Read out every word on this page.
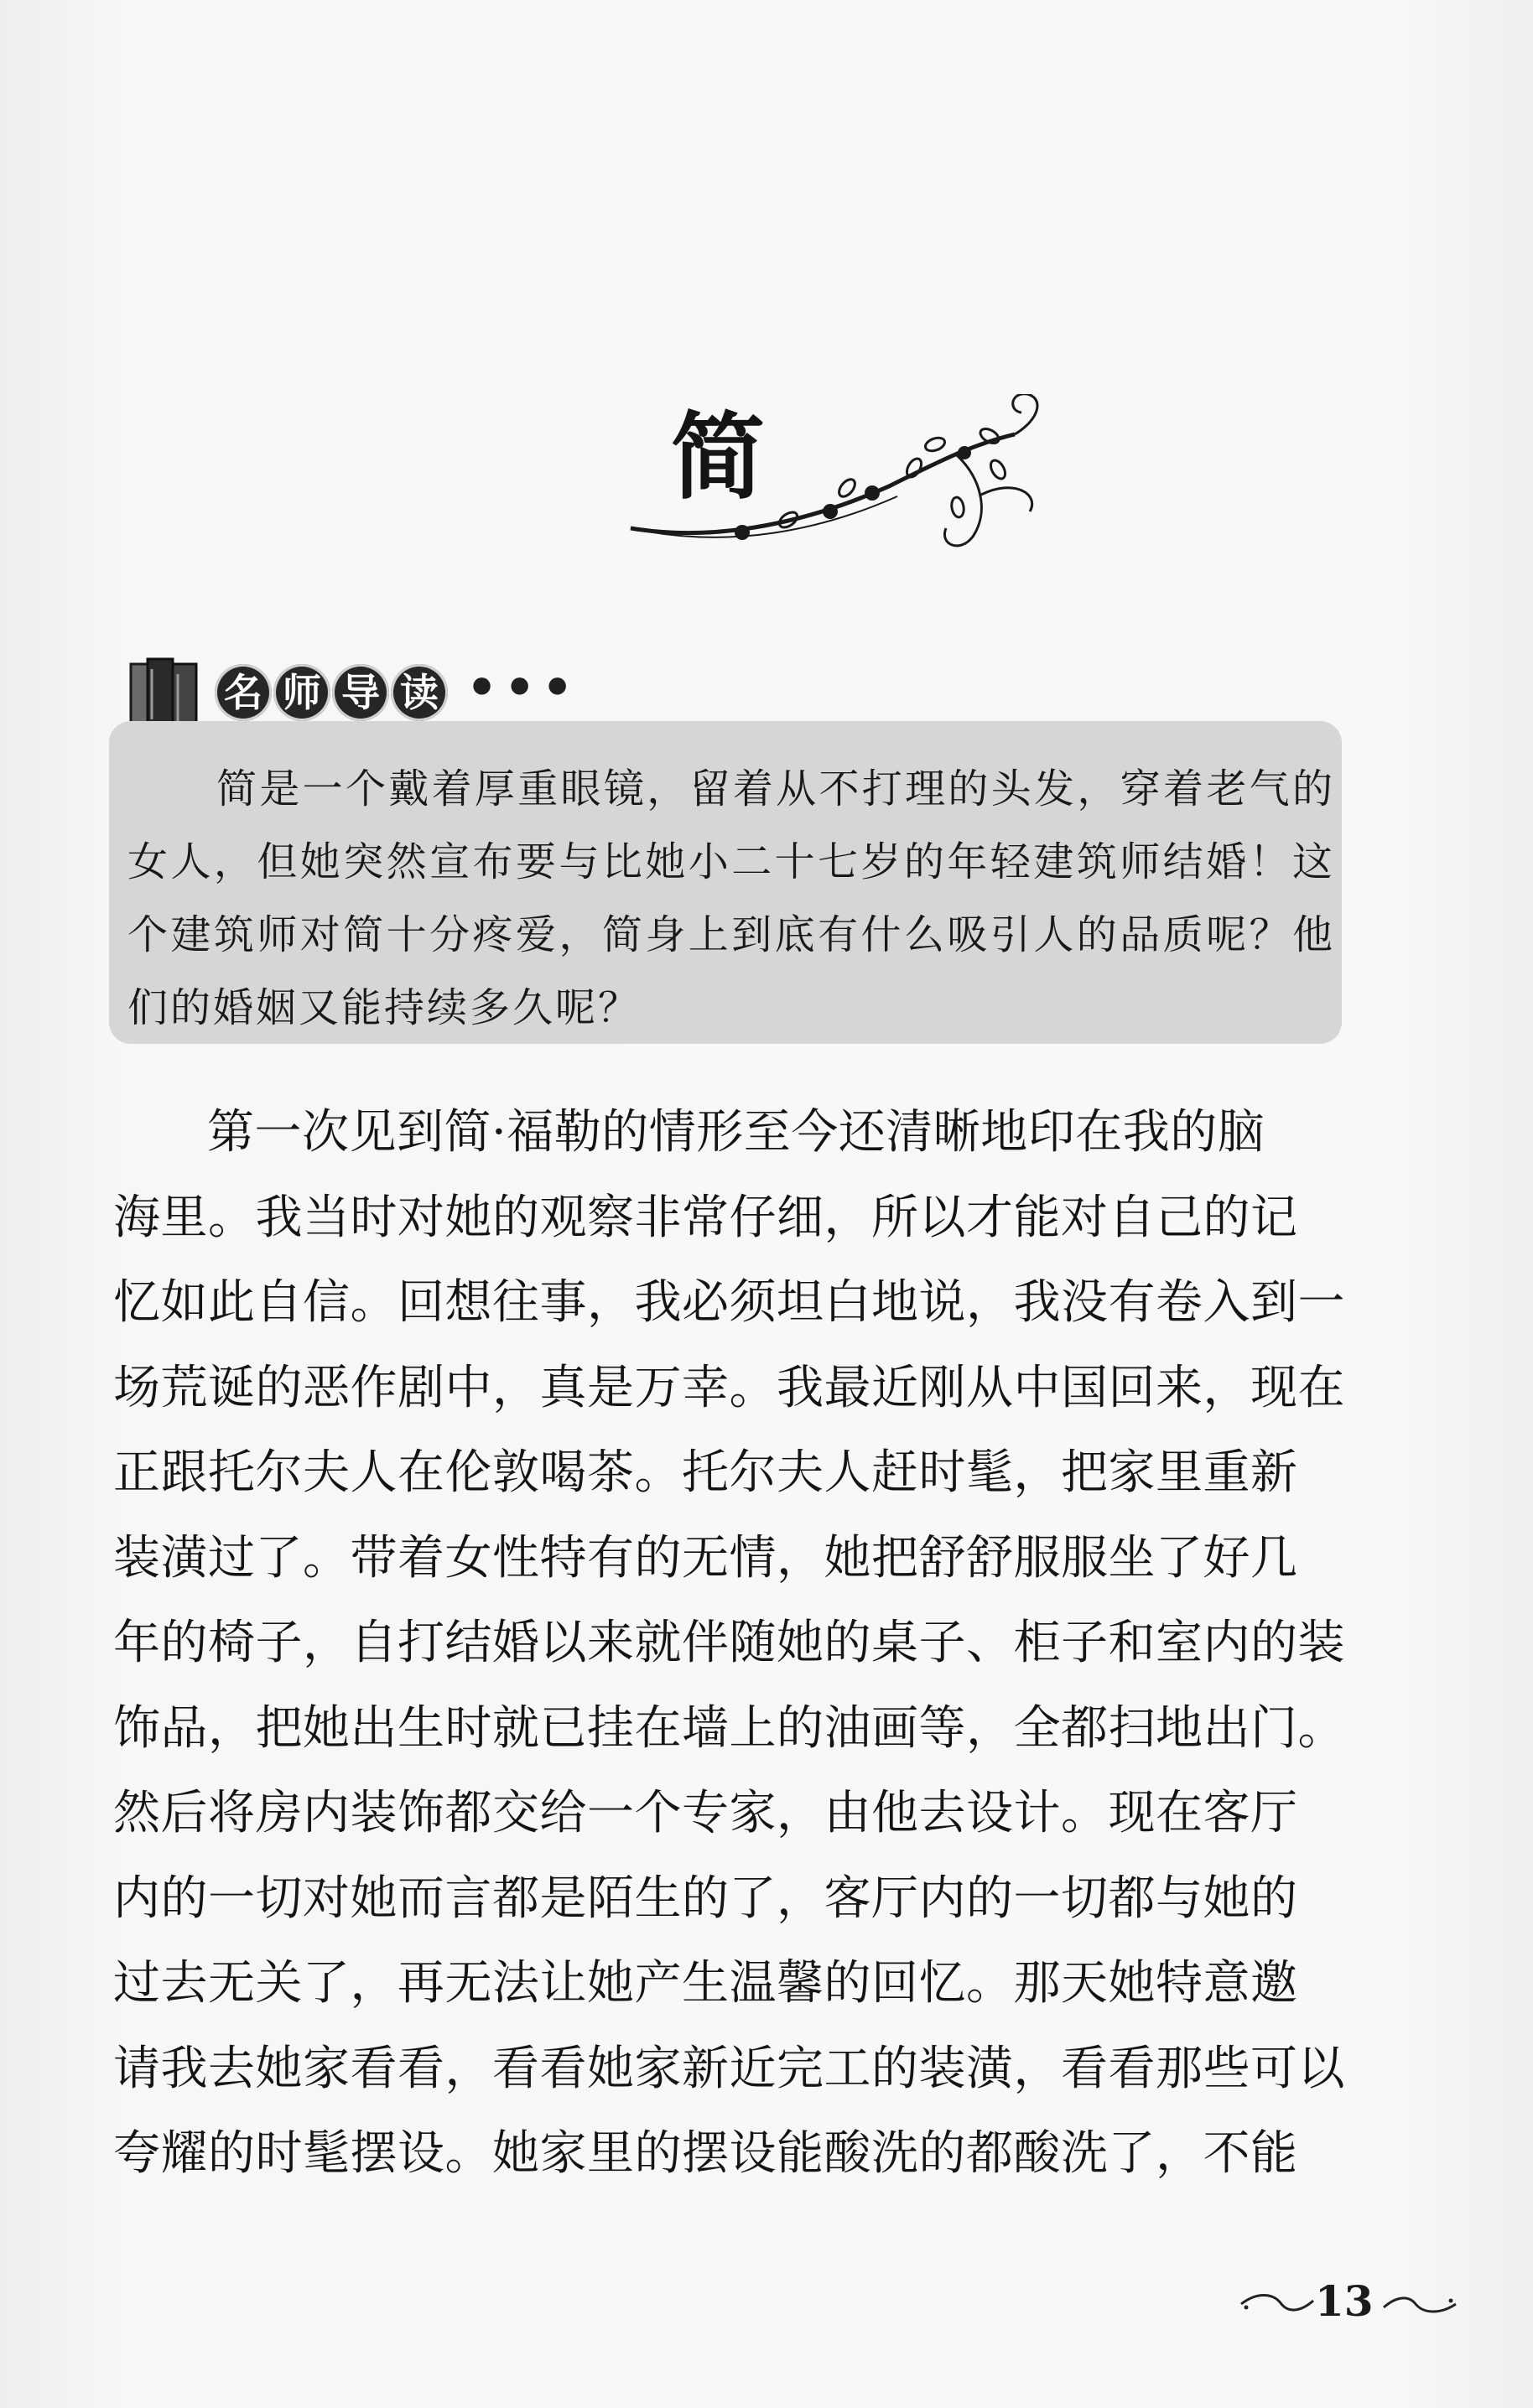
简
名 师 导 读 •••
简是一个戴着厚重眼镜，留着从不打理的头发，穿着老气的女人，但她突然宣布要与比她小二十七岁的年轻建筑师结婚！这个建筑师对简十分疼爱，简身上到底有什么吸引人的品质呢？他们的婚姻又能持续多久呢？
第一次见到简·福勒的情形至今还清晰地印在我的脑
海里。我当时对她的观察非常仔细，所以才能对自己的记
忆如此自信。回想往事，我必须坦白地说，我没有卷入到一
场荒诞的恶作剧中，真是万幸。我最近刚从中国回来，现在
正跟托尔夫人在伦敦喝茶。托尔夫人赶时髦，把家里重新
装潢过了。带着女性特有的无情，她把舒舒服服坐了好几
年的椅子，自打结婚以来就伴随她的桌子、柜子和室内的装
饰品，把她出生时就已挂在墙上的油画等，全都扫地出门。
然后将房内装饰都交给一个专家，由他去设计。现在客厅
内的一切对她而言都是陌生的了，客厅内的一切都与她的
过去无关了，再无法让她产生温馨的回忆。那天她特意邀
请我去她家看看，看看她家新近完工的装潢，看看那些可以
夸耀的时髦摆设。她家里的摆设能酸洗的都酸洗了，不能
13
